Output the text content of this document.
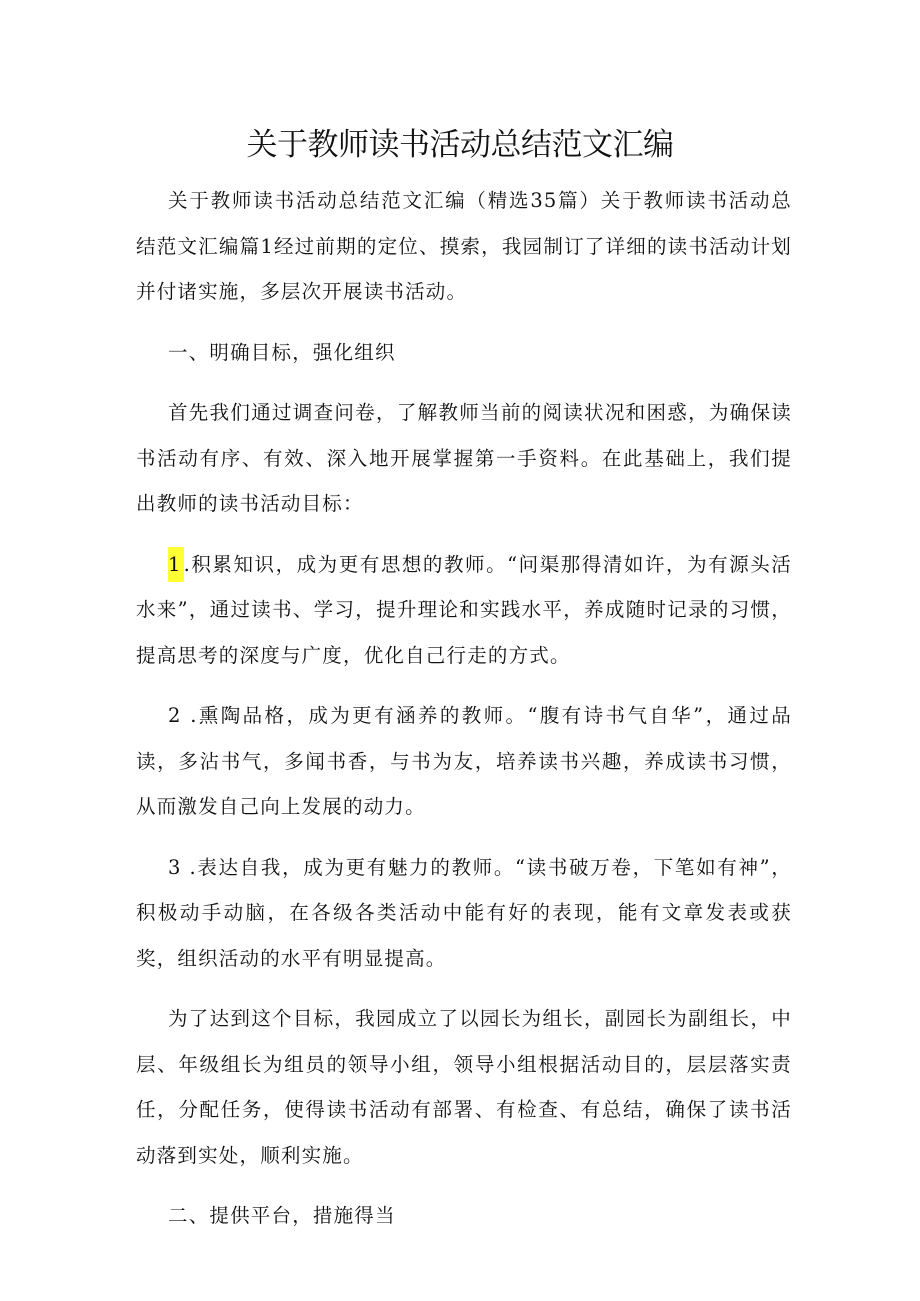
关于教师读书活动总结范文汇编

关于教师读书活动总结范文汇编（精选35篇）关于教师读书活动总结范文汇编篇1经过前期的定位、摸索，我园制订了详细的读书活动计划并付诸实施，多层次开展读书活动。

一、明确目标，强化组织

首先我们通过调查问卷，了解教师当前的阅读状况和困惑，为确保读书活动有序、有效、深入地开展掌握第一手资料。在此基础上，我们提出教师的读书活动目标：

1 .积累知识，成为更有思想的教师。“问渠那得清如许，为有源头活水来”，通过读书、学习，提升理论和实践水平，养成随时记录的习惯，提高思考的深度与广度，优化自己行走的方式。

2 .熏陶品格，成为更有涵养的教师。“腹有诗书气自华”，通过品读，多沾书气，多闻书香，与书为友，培养读书兴趣，养成读书习惯，从而激发自己向上发展的动力。

3 .表达自我，成为更有魅力的教师。“读书破万卷，下笔如有神”，积极动手动脑，在各级各类活动中能有好的表现，能有文章发表或获奖，组织活动的水平有明显提高。

为了达到这个目标，我园成立了以园长为组长，副园长为副组长，中层、年级组长为组员的领导小组，领导小组根据活动目的，层层落实责任，分配任务，使得读书活动有部署、有检查、有总结，确保了读书活动落到实处，顺利实施。

二、提供平台，措施得当
